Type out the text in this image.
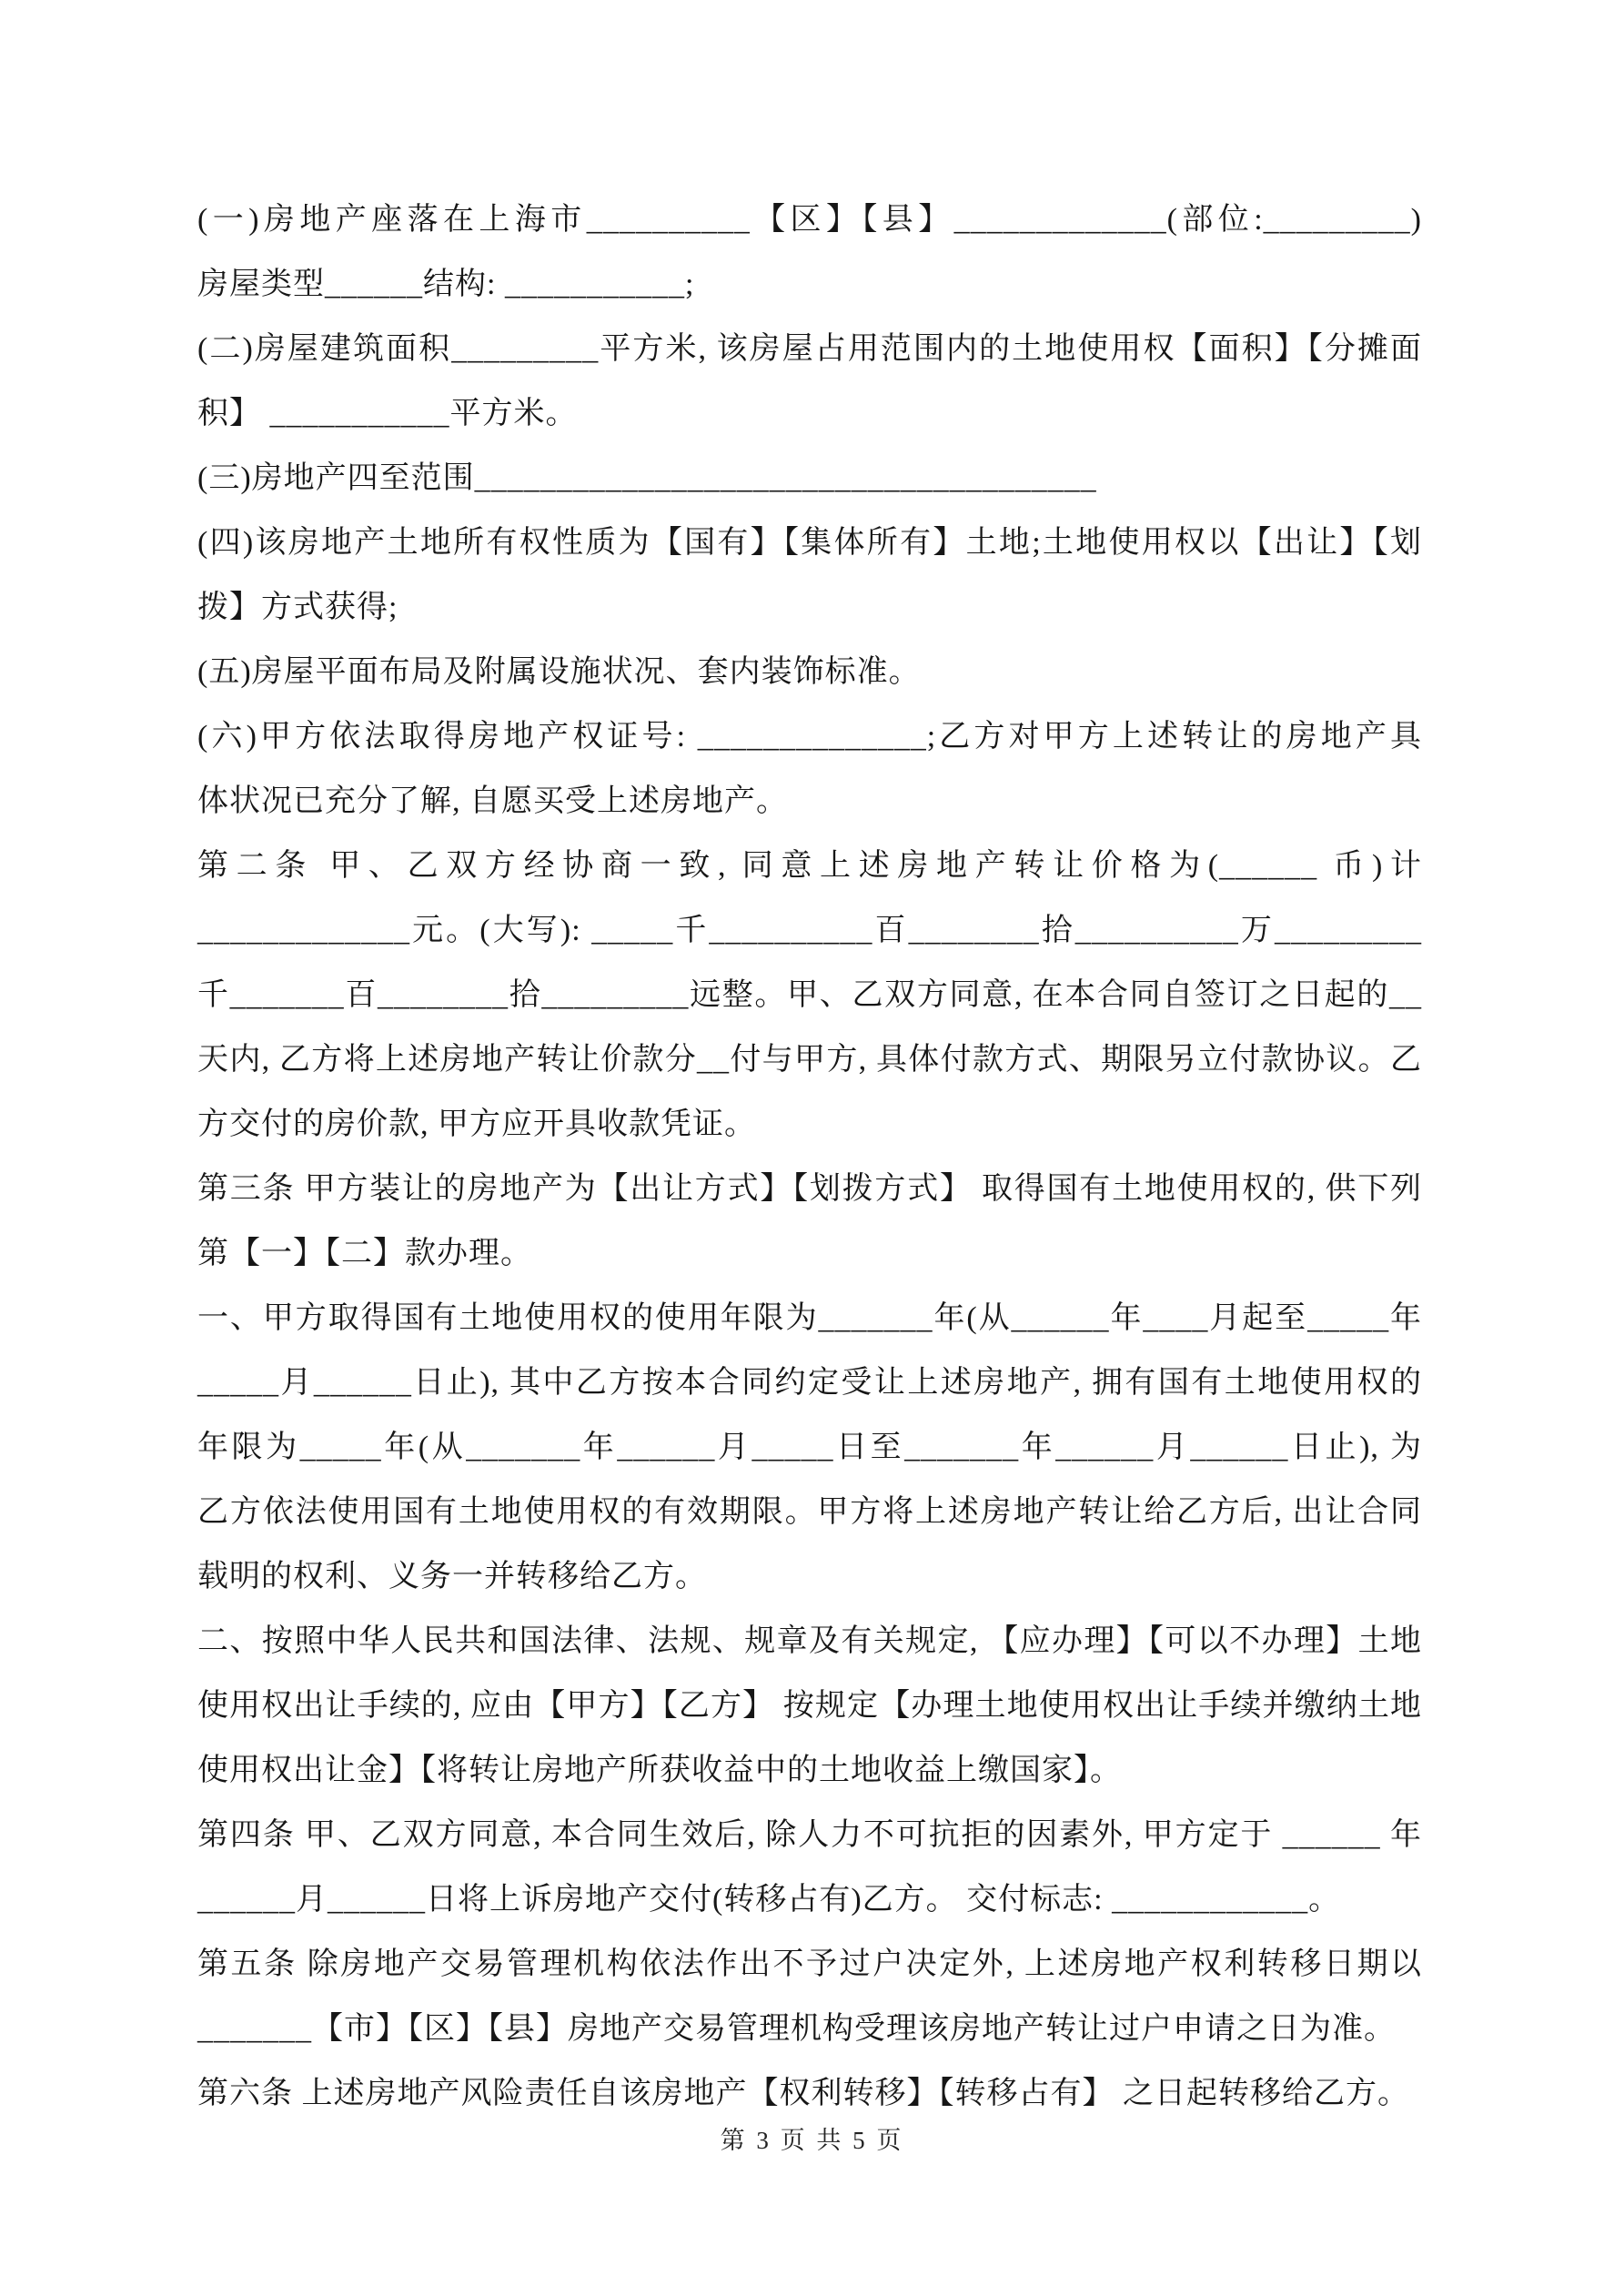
(一)房地产座落在上海市__________【区】【县】_____________(部位:_________)
房屋类型______结构: ___________;
(二)房屋建筑面积_________平方米, 该房屋占用范围内的土地使用权【面积】【分摊面
积】 ___________平方米。
(三)房地产四至范围______________________________________
(四)该房地产土地所有权性质为【国有】【集体所有】土地;土地使用权以【出让】【划
拨】方式获得;
(五)房屋平面布局及附属设施状况、套内装饰标准。
(六)甲方依法取得房地产权证号: ______________;乙方对甲方上述转让的房地产具
体状况已充分了解, 自愿买受上述房地产。
第二条 甲、乙双方经协商一致, 同意上述房地产转让价格为(______ 币)计
_____________元。(大写): _____千__________百________拾__________万_________
千_______百________拾_________远整。甲、乙双方同意, 在本合同自签订之日起的__
天内, 乙方将上述房地产转让价款分__付与甲方, 具体付款方式、期限另立付款协议。乙
方交付的房价款, 甲方应开具收款凭证。
第三条 甲方装让的房地产为【出让方式】【划拨方式】 取得国有土地使用权的, 供下列
第【一】【二】款办理。
一、甲方取得国有土地使用权的使用年限为_______年(从______年____月起至_____年
_____月______日止), 其中乙方按本合同约定受让上述房地产, 拥有国有土地使用权的
年限为_____年(从_______年______月_____日至_______年______月______日止), 为
乙方依法使用国有土地使用权的有效期限。甲方将上述房地产转让给乙方后, 出让合同
载明的权利、义务一并转移给乙方。
二、按照中华人民共和国法律、法规、规章及有关规定, 【应办理】【可以不办理】土地
使用权出让手续的, 应由【甲方】【乙方】 按规定【办理土地使用权出让手续并缴纳土地
使用权出让金】【将转让房地产所获收益中的土地收益上缴国家】。
第四条 甲、乙双方同意, 本合同生效后, 除人力不可抗拒的因素外, 甲方定于 ______ 年
______月______日将上诉房地产交付(转移占有)乙方。 交付标志: ____________。
第五条 除房地产交易管理机构依法作出不予过户决定外, 上述房地产权利转移日期以
_______【市】【区】【县】房地产交易管理机构受理该房地产转让过户申请之日为准。
第六条 上述房地产风险责任自该房地产【权利转移】【转移占有】 之日起转移给乙方。
第 3 页 共 5 页
